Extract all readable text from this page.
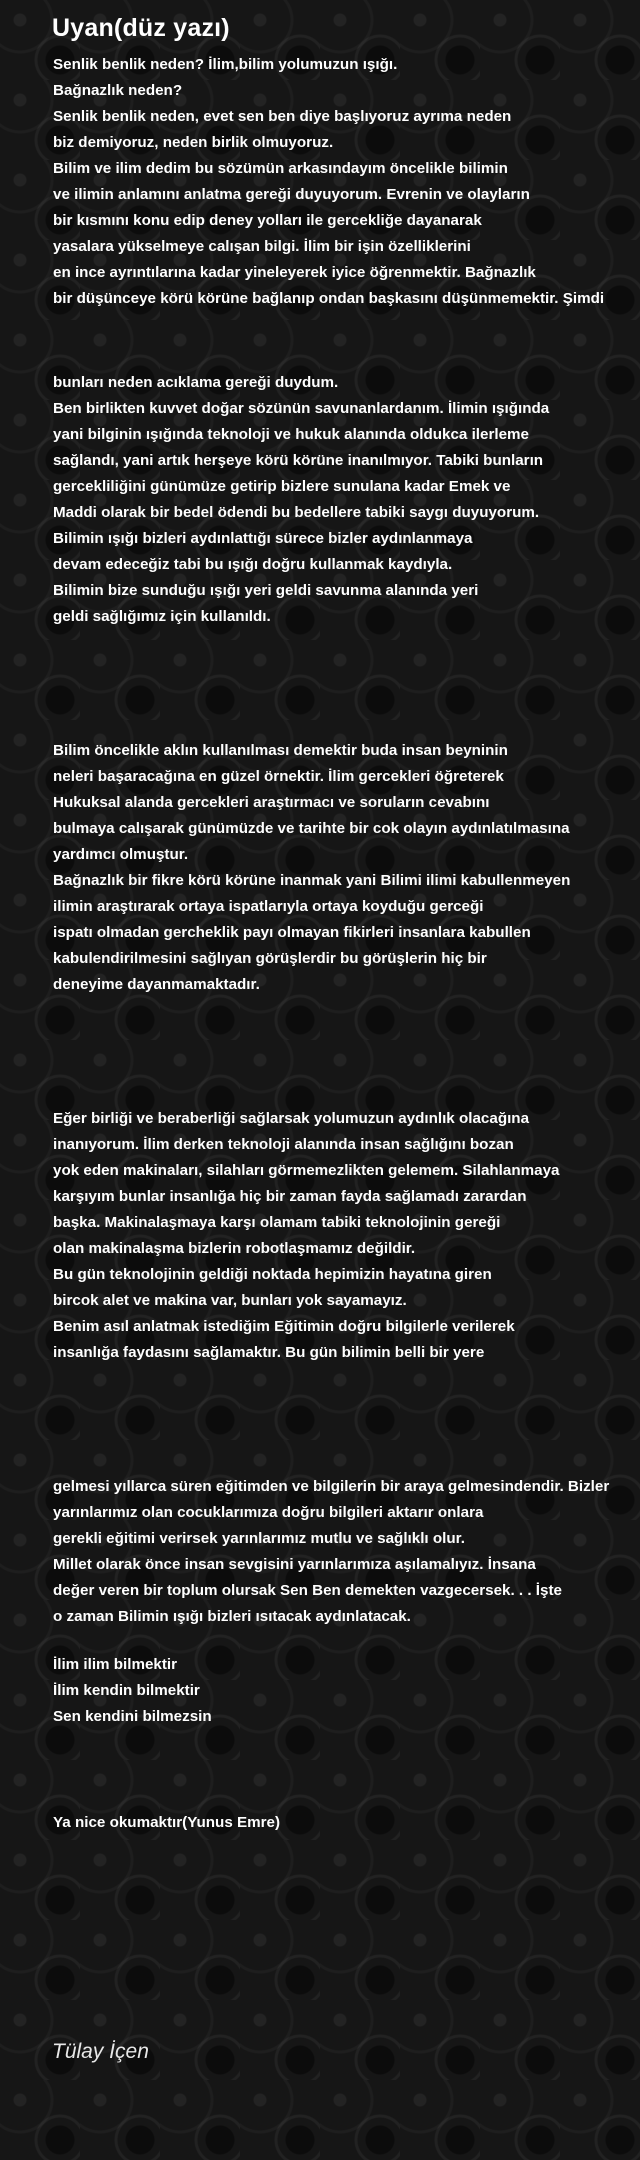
Uyan(düz yazı)
Senlik benlik neden? İlim,bilim yolumuzun ışığı.
Bağnazlık neden?
Senlik benlik neden, evet sen ben diye başlıyoruz ayrıma neden
biz demiyoruz, neden birlik olmuyoruz.
Bilim ve ilim dedim bu sözümün arkasındayım öncelikle bilimin
ve ilimin anlamını anlatma gereği duyuyorum. Evrenin ve olayların
bir kısmını konu edip deney yolları ile gercekliğe dayanarak
yasalara yükselmeye calışan bilgi. İlim bir işin özelliklerini
en ince ayrıntılarına kadar yineleyerek iyice öğrenmektir. Bağnazlık
bir düşünceye körü körüne bağlanıp ondan başkasını düşünmemektir. Şimdi
bunları neden acıklama gereği duydum.
Ben birlikten kuvvet doğar sözünün savunanlardanım. İlimin ışığında
yani bilginin ışığında teknoloji ve hukuk alanında oldukca ilerleme
sağlandı, yani artık herşeye körü körüne inanılmıyor. Tabiki bunların
gercekliliğini günümüze getirip bizlere sunulana kadar Emek ve
Maddi olarak bir bedel ödendi bu bedellere tabiki saygı duyuyorum.
Bilimin ışığı bizleri aydınlattığı sürece bizler aydınlanmaya
devam edeceğiz tabi bu ışığı doğru kullanmak kaydıyla.
Bilimin bize sunduğu ışığı yeri geldi savunma alanında yeri
geldi sağlığımız için kullanıldı.
Bilim öncelikle aklın kullanılması demektir buda insan beyninin
neleri başaracağına en güzel örnektir. İlim gercekleri öğreterek
Hukuksal alanda gercekleri araştırmacı ve soruların cevabını
bulmaya calışarak günümüzde ve tarihte bir cok olayın aydınlatılmasına
yardımcı olmuştur.
Bağnazlık bir fikre körü körüne inanmak yani Bilimi ilimi kabullenmeyen
ilimin araştırarak ortaya ispatlarıyla ortaya koyduğu gerceği
ispatı olmadan gercheklik payı olmayan fikirleri insanlara kabullen
kabulendirilmesini sağlıyan görüşlerdir bu görüşlerin hiç bir
deneyime dayanmamaktadır.
Eğer birliği ve beraberliği sağlarsak yolumuzun aydınlık olacağına
inanıyorum. İlim derken teknoloji alanında insan sağlığını bozan
yok eden makinaları, silahları görmemezlikten gelemem. Silahlanmaya
karşıyım bunlar insanlığa hiç bir zaman fayda sağlamadı zarardan
başka. Makinalaşmaya karşı olamam tabiki teknolojinin gereği
olan makinalaşma bizlerin robotlaşmamız değildir.
Bu gün teknolojinin geldiği noktada hepimizin hayatına giren
bircok alet ve makina var, bunları yok sayamayız.
Benim asıl anlatmak istediğim Eğitimin doğru bilgilerle verilerek
insanlığa faydasını sağlamaktır. Bu gün bilimin belli bir yere
gelmesi yıllarca süren eğitimden ve bilgilerin bir araya gelmesindendir. Bizler
yarınlarımız olan cocuklarımıza doğru bilgileri aktarır onlara
gerekli eğitimi verirsek yarınlarımız mutlu ve sağlıklı olur.
Millet olarak önce insan sevgisini yarınlarımıza aşılamalıyız. İnsana
değer veren bir toplum olursak Sen Ben demekten vazgecersek. . . İşte
o zaman Bilimin ışığı bizleri ısıtacak aydınlatacak.
İlim ilim bilmektir
İlim kendin bilmektir
Sen kendini bilmezsin
Ya nice okumaktır(Yunus Emre)
Tülay İçen
